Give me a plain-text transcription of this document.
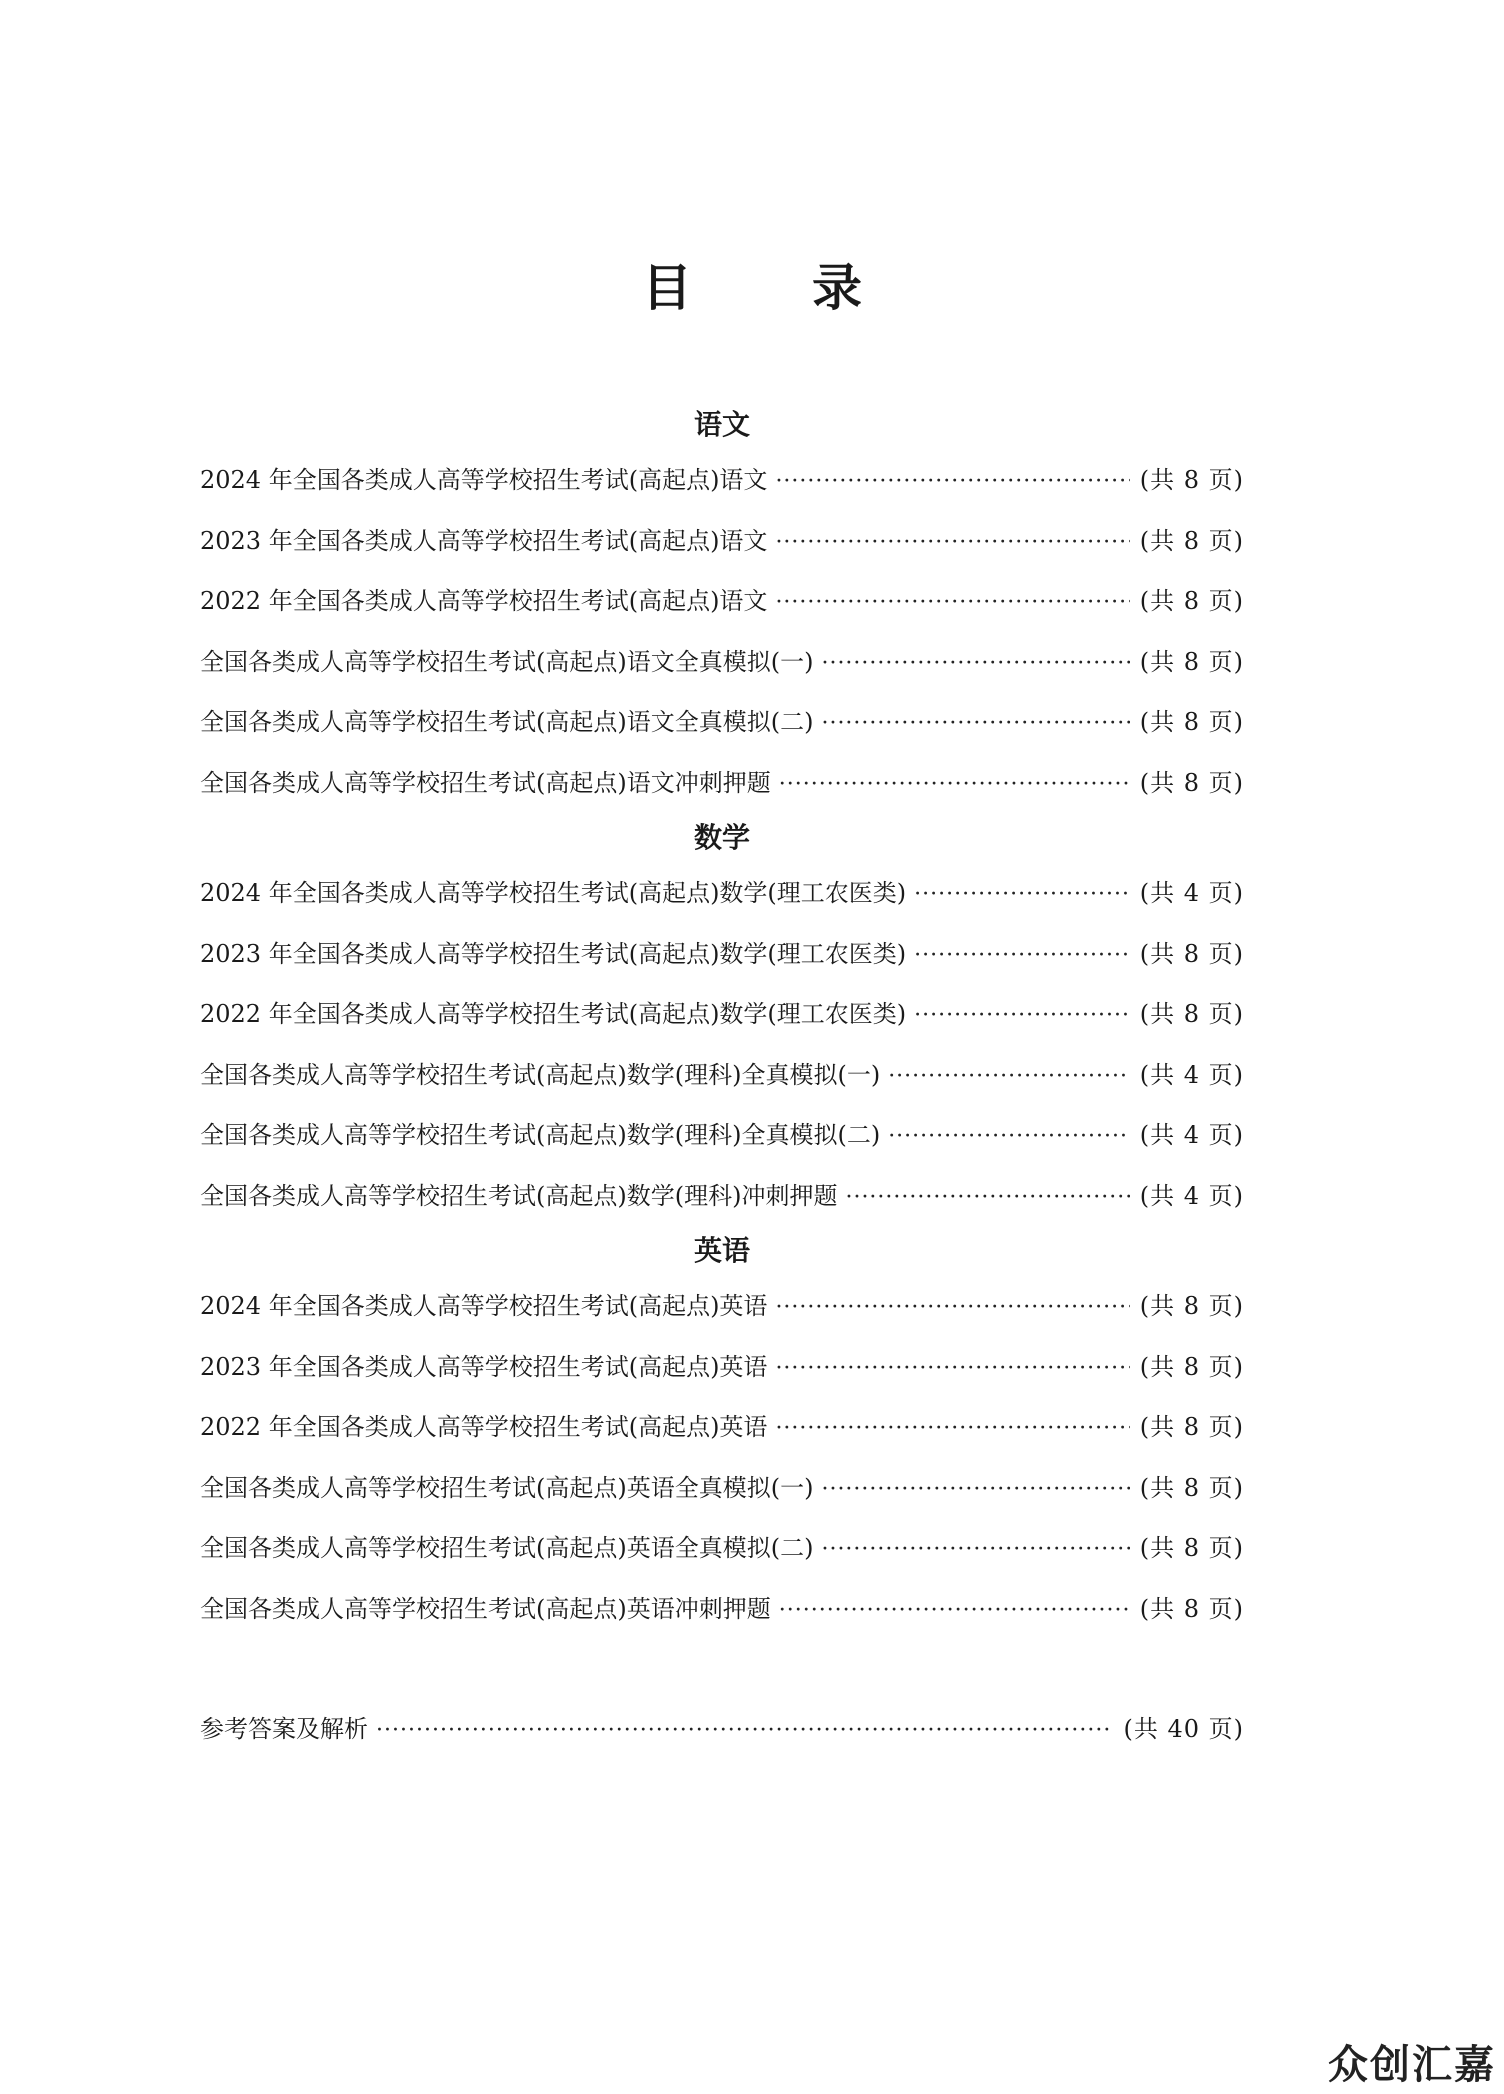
目 录
语文
2024 年全国各类成人高等学校招生考试(高起点)语文 ·····	(共 8 页)
2023 年全国各类成人高等学校招生考试(高起点)语文 ·····	(共 8 页)
2022 年全国各类成人高等学校招生考试(高起点)语文 ·····	(共 8 页)
全国各类成人高等学校招生考试(高起点)语文全真模拟(一) ·····	(共 8 页)
全国各类成人高等学校招生考试(高起点)语文全真模拟(二) ·····	(共 8 页)
全国各类成人高等学校招生考试(高起点)语文冲刺押题 ·····	(共 8 页)
数学
2024 年全国各类成人高等学校招生考试(高起点)数学(理工农医类) ·····	(共 4 页)
2023 年全国各类成人高等学校招生考试(高起点)数学(理工农医类) ·····	(共 8 页)
2022 年全国各类成人高等学校招生考试(高起点)数学(理工农医类) ·····	(共 8 页)
全国各类成人高等学校招生考试(高起点)数学(理科)全真模拟(一) ·····	(共 4 页)
全国各类成人高等学校招生考试(高起点)数学(理科)全真模拟(二) ·····	(共 4 页)
全国各类成人高等学校招生考试(高起点)数学(理科)冲刺押题 ·····	(共 4 页)
英语
2024 年全国各类成人高等学校招生考试(高起点)英语 ·····	(共 8 页)
2023 年全国各类成人高等学校招生考试(高起点)英语 ·····	(共 8 页)
2022 年全国各类成人高等学校招生考试(高起点)英语 ·····	(共 8 页)
全国各类成人高等学校招生考试(高起点)英语全真模拟(一) ·····	(共 8 页)
全国各类成人高等学校招生考试(高起点)英语全真模拟(二) ·····	(共 8 页)
全国各类成人高等学校招生考试(高起点)英语冲刺押题 ·····	(共 8 页)
参考答案及解析 ·····	(共 40 页)
众创汇嘉
